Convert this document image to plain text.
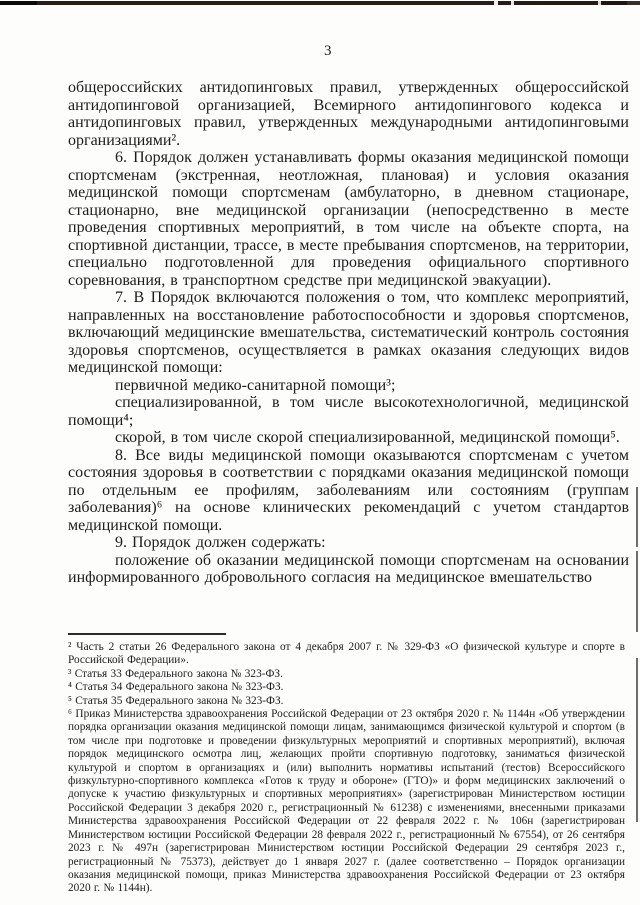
3

общероссийских антидопинговых правил, утвержденных общероссийской антидопинговой организацией, Всемирного антидопингового кодекса и антидопинговых правил, утвержденных международными антидопинговыми организациями².

6. Порядок должен устанавливать формы оказания медицинской помощи спортсменам (экстренная, неотложная, плановая) и условия оказания медицинской помощи спортсменам (амбулаторно, в дневном стационаре, стационарно, вне медицинской организации (непосредственно в месте проведения спортивных мероприятий, в том числе на объекте спорта, на спортивной дистанции, трассе, в месте пребывания спортсменов, на территории, специально подготовленной для проведения официального спортивного соревнования, в транспортном средстве при медицинской эвакуации).

7. В Порядок включаются положения о том, что комплекс мероприятий, направленных на восстановление работоспособности и здоровья спортсменов, включающий медицинские вмешательства, систематический контроль состояния здоровья спортсменов, осуществляется в рамках оказания следующих видов медицинской помощи:

первичной медико-санитарной помощи³;

специализированной, в том числе высокотехнологичной, медицинской помощи⁴;

скорой, в том числе скорой специализированной, медицинской помощи⁵.

8. Все виды медицинской помощи оказываются спортсменам с учетом состояния здоровья в соответствии с порядками оказания медицинской помощи по отдельным ее профилям, заболеваниям или состояниям (группам заболевания)⁶ на основе клинических рекомендаций с учетом стандартов медицинской помощи.

9. Порядок должен содержать:

положение об оказании медицинской помощи спортсменам на основании информированного добровольного согласия на медицинское вмешательство

² Часть 2 статьи 26 Федерального закона от 4 декабря 2007 г. № 329-ФЗ «О физической культуре и спорте в Российской Федерации».

³ Статья 33 Федерального закона № 323-ФЗ.

⁴ Статья 34 Федерального закона № 323-ФЗ.

⁵ Статья 35 Федерального закона № 323-ФЗ.

⁶ Приказ Министерства здравоохранения Российской Федерации от 23 октября 2020 г. № 1144н «Об утверждении порядка организации оказания медицинской помощи лицам, занимающимся физической культурой и спортом (в том числе при подготовке и проведении физкультурных мероприятий и спортивных мероприятий), включая порядок медицинского осмотра лиц, желающих пройти спортивную подготовку, заниматься физической культурой и спортом в организациях и (или) выполнить нормативы испытаний (тестов) Всероссийского физкультурно-спортивного комплекса «Готов к труду и обороне» (ГТО)» и форм медицинских заключений о допуске к участию физкультурных и спортивных мероприятиях» (зарегистрирован Министерством юстиции Российской Федерации 3 декабря 2020 г., регистрационный № 61238) с изменениями, внесенными приказами Министерства здравоохранения Российской Федерации от 22 февраля 2022 г. № 106н (зарегистрирован Министерством юстиции Российской Федерации 28 февраля 2022 г., регистрационный № 67554), от 26 сентября 2023 г. № 497н (зарегистрирован Министерством юстиции Российской Федерации 29 сентября 2023 г., регистрационный № 75373), действует до 1 января 2027 г. (далее соответственно – Порядок организации оказания медицинской помощи, приказ Министерства здравоохранения Российской Федерации от 23 октября 2020 г. № 1144н).
